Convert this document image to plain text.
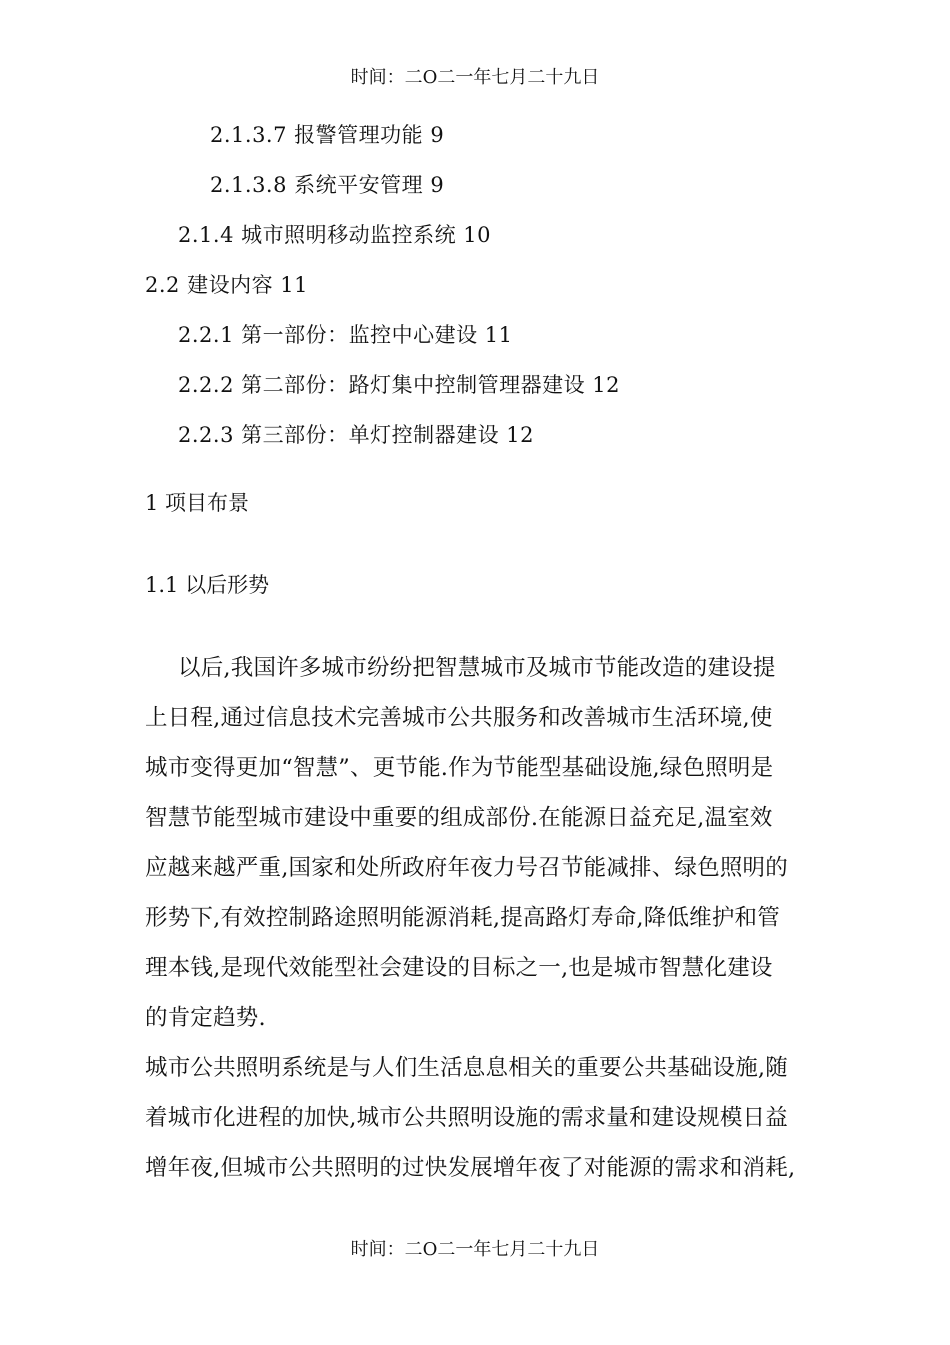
时间：二O二一年七月二十九日
2.1.3.7 报警管理功能 9
2.1.3.8 系统平安管理 9
2.1.4 城市照明移动监控系统 10
2.2 建设内容 11
2.2.1 第一部份：监控中心建设 11
2.2.2 第二部份：路灯集中控制管理器建设 12
2.2.3 第三部份：单灯控制器建设 12
1 项目布景
1.1 以后形势
以后,我国许多城市纷纷把智慧城市及城市节能改造的建设提
上日程,通过信息技术完善城市公共服务和改善城市生活环境,使
城市变得更加“智慧”、更节能.作为节能型基础设施,绿色照明是
智慧节能型城市建设中重要的组成部份.在能源日益充足,温室效
应越来越严重,国家和处所政府年夜力号召节能减排、绿色照明的
形势下,有效控制路途照明能源消耗,提高路灯寿命,降低维护和管
理本钱,是现代效能型社会建设的目标之一,也是城市智慧化建设
的肯定趋势.
城市公共照明系统是与人们生活息息相关的重要公共基础设施,随
着城市化进程的加快,城市公共照明设施的需求量和建设规模日益
增年夜,但城市公共照明的过快发展增年夜了对能源的需求和消耗,
时间：二O二一年七月二十九日
